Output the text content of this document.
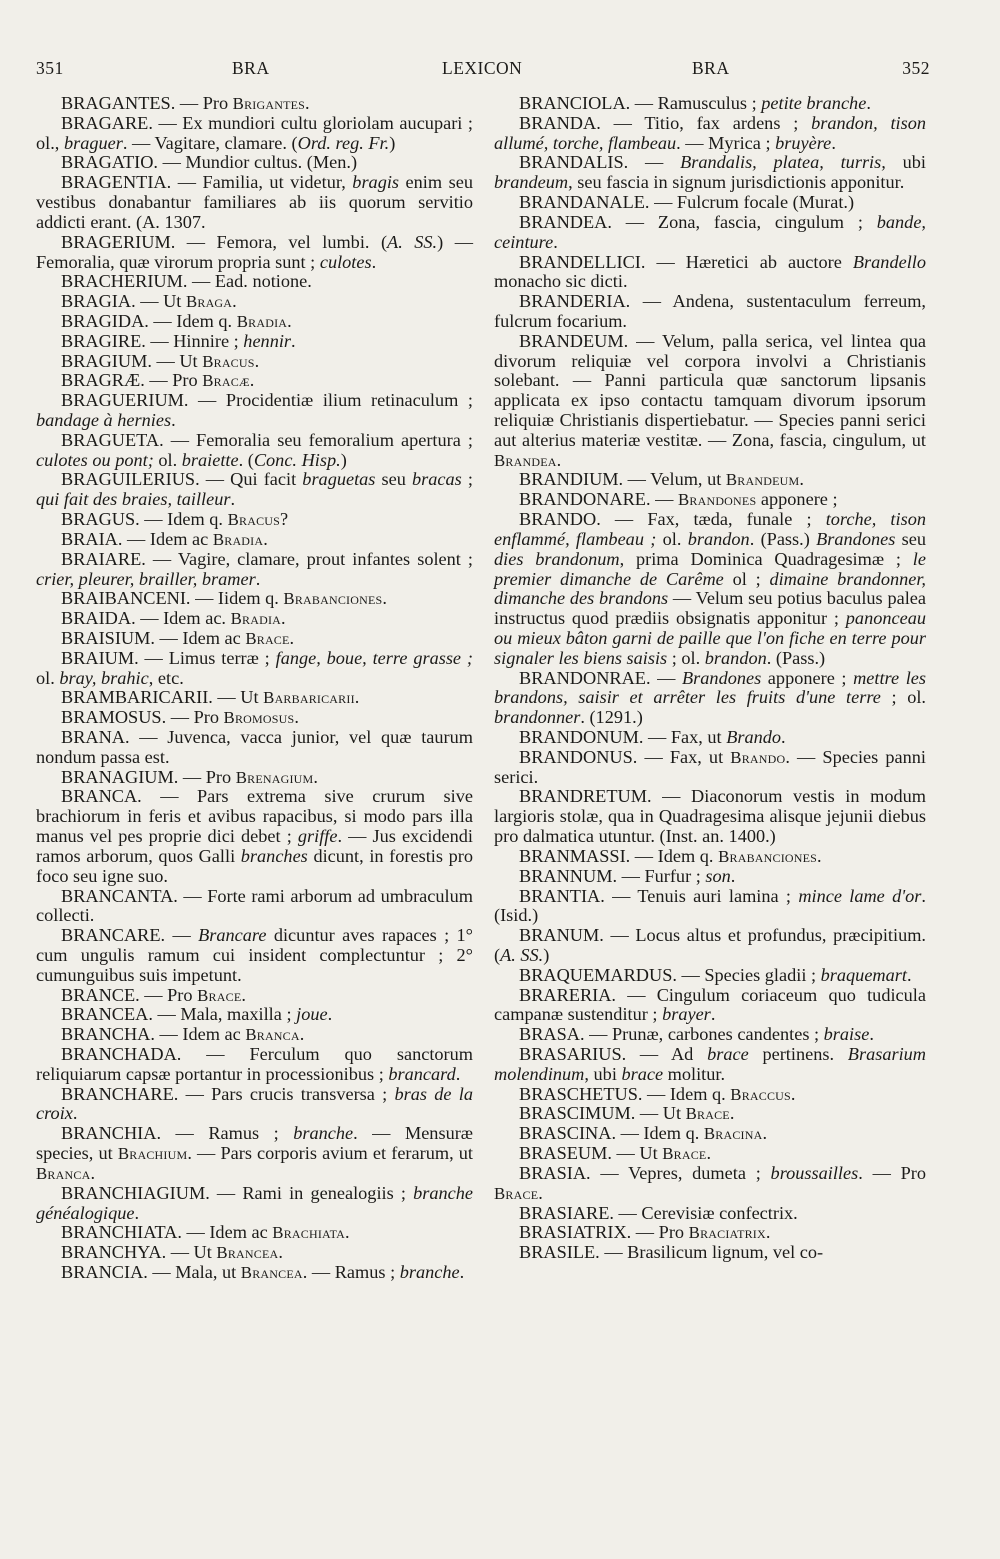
351	BRA	LEXICON	BRA	352

BRAGANTES. — Pro Brigantes.

BRAGARE. — Ex mundiori cultu gloriolam aucupari ; ol., braguer. — Vagitare, clamare. (Ord. reg. Fr.)

BRAGATIO. — Mundior cultus. (Men.)

BRAGENTIA. — Familia, ut videtur, bragis enim seu vestibus donabantur familiares ab iis quorum servitio addicti erant. (A. 1307.

BRAGERIUM. — Femora, vel lumbi. (A. SS.) — Femoralia, quæ virorum propria sunt ; culotes.

BRACHERIUM. — Ead. notione.

BRAGIA. — Ut Braga.

BRAGIDA. — Idem q. Bradia.

BRAGIRE. — Hinnire ; hennir.

BRAGIUM. — Ut Bracus.

BRAGRÆ. — Pro Bracæ.

BRAGUERIUM. — Procidentiæ ilium retinaculum ; bandage à hernies.

BRAGUETA. — Femoralia seu femoralium apertura ; culotes ou pont; ol. braiette. (Conc. Hisp.)

BRAGUILERIUS. — Qui facit braguetas seu bracas ; qui fait des braies, tailleur.

BRAGUS. — Idem q. Bracus?

BRAIA. — Idem ac Bradia.

BRAIARE. — Vagire, clamare, prout infantes solent ; crier, pleurer, brailler, bramer.

BRAIBANCENI. — Iidem q. Brabanciones.

BRAIDA. — Idem ac. Bradia.

BRAISIUM. — Idem ac Brace.

BRAIUM. — Limus terræ ; fange, boue, terre grasse ; ol. bray, brahic, etc.

BRAMBARICARII. — Ut Barbaricarii.

BRAMOSUS. — Pro Bromosus.

BRANA. — Juvenca, vacca junior, vel quæ taurum nondum passa est.

BRANAGIUM. — Pro Brenagium.

BRANCA. — Pars extrema sive crurum sive brachiorum in feris et avibus rapacibus, si modo pars illa manus vel pes proprie dici debet ; griffe. — Jus excidendi ramos arborum, quos Galli branches dicunt, in forestis pro foco seu igne suo.

BRANCANTA. — Forte rami arborum ad umbraculum collecti.

BRANCARE. — Brancare dicuntur aves rapaces ; 1° cum ungulis ramum cui insident complectuntur ; 2° cumunguibus suis impetunt.

BRANCE. — Pro Brace.

BRANCEA. — Mala, maxilla ; joue.

BRANCHA. — Idem ac Branca.

BRANCHADA. — Ferculum quo sanctorum reliquiarum capsæ portantur in processionibus ; brancard.

BRANCHARE. — Pars crucis transversa ; bras de la croix.

BRANCHIA. — Ramus ; branche. — Mensuræ species, ut Brachium. — Pars corporis avium et ferarum, ut Branca.

BRANCHIAGIUM. — Rami in genealogiis ; branche généalogique.

BRANCHIATA. — Idem ac Brachiata.

BRANCHYA. — Ut Brancea.

BRANCIA. — Mala, ut Brancea. — Ramus ; branche.

BRANCIOLA. — Ramusculus ; petite branche.

BRANDA. — Titio, fax ardens ; brandon, tison allumé, torche, flambeau. — Myrica ; bruyère.

BRANDALIS. — Brandalis, platea, turris, ubi brandeum, seu fascia in signum jurisdictionis apponitur.

BRANDANALE. — Fulcrum focale (Murat.)

BRANDEA. — Zona, fascia, cingulum ; bande, ceinture.

BRANDELLICI. — Hæretici ab auctore Brandello monacho sic dicti.

BRANDERIA. — Andena, sustentaculum ferreum, fulcrum focarium.

BRANDEUM. — Velum, palla serica, vel lintea qua divorum reliquiæ vel corpora involvi a Christianis solebant. — Panni particula quæ sanctorum lipsanis applicata ex ipso contactu tamquam divorum ipsorum reliquiæ Christianis dispertiebatur. — Species panni serici aut alterius materiæ vestitæ. — Zona, fascia, cingulum, ut Brandea.

BRANDIUM. — Velum, ut Brandeum.

BRANDONARE. — Brandones apponere ;

BRANDO. — Fax, tæda, funale ; torche, tison enflammé, flambeau ; ol. brandon. (Pass.) Brandones seu dies brandonum, prima Dominica Quadragesimæ ; le premier dimanche de Carême ol ; dimaine brandonner, dimanche des brandons — Velum seu potius baculus palea instructus quod prædiis obsignatis apponitur ; panonceau ou mieux bâton garni de paille que l'on fiche en terre pour signaler les biens saisis ; ol. brandon. (Pass.)

BRANDONRAE. — Brandones apponere ; mettre les brandons, saisir et arrêter les fruits d'une terre ; ol. brandonner. (1291.)

BRANDONUM. — Fax, ut Brando.

BRANDONUS. — Fax, ut Brando. — Species panni serici.

BRANDRETUM. — Diaconorum vestis in modum largioris stolæ, qua in Quadragesima alisque jejunii diebus pro dalmatica utuntur. (Inst. an. 1400.)

BRANMASSI. — Idem q. Brabanciones.

BRANNUM. — Furfur ; son.

BRANTIA. — Tenuis auri lamina ; mince lame d'or. (Isid.)

BRANUM. — Locus altus et profundus, præcipitium. (A. SS.)

BRAQUEMARDUS. — Species gladii ; braquemart.

BRARERIA. — Cingulum coriaceum quo tudicula campanæ sustenditur ; brayer.

BRASA. — Prunæ, carbones candentes ; braise.

BRASARIUS. — Ad brace pertinens. Brasarium molendinum, ubi brace molitur.

BRASCHETUS. — Idem q. Braccus.

BRASCIMUM. — Ut Brace.

BRASCINA. — Idem q. Bracina.

BRASEUM. — Ut Brace.

BRASIA. — Vepres, dumeta ; broussailles. — Pro Brace.

BRASIARE. — Cerevisiæ confectrix.

BRASIATRIX. — Pro Braciatrix.

BRASILE. — Brasilicum lignum, vel co-
